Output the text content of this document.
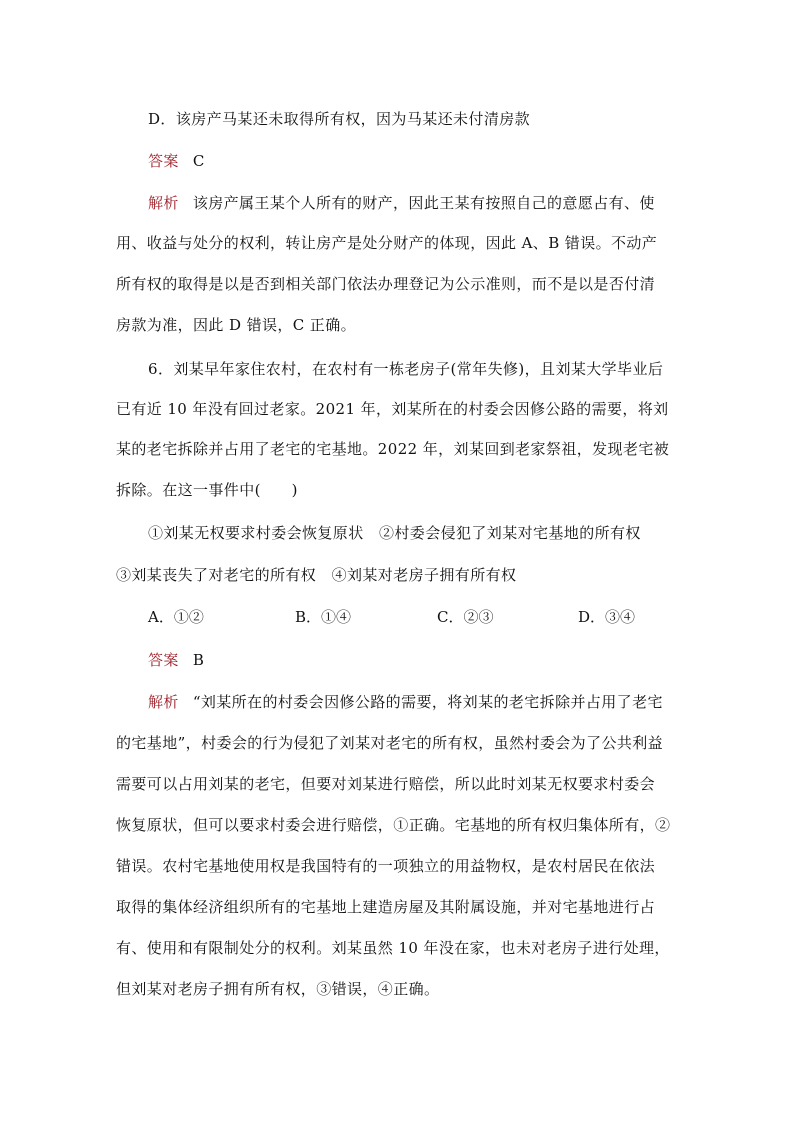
D．该房产马某还未取得所有权，因为马某还未付清房款
答案 C
解析 该房产属王某个人所有的财产，因此王某有按照自己的意愿占有、使
用、收益与处分的权利，转让房产是处分财产的体现，因此 A、B 错误。不动产
所有权的取得是以是否到相关部门依法办理登记为公示准则，而不是以是否付清
房款为准，因此 D 错误，C 正确。
6．刘某早年家住农村，在农村有一栋老房子(常年失修)，且刘某大学毕业后
已有近 10 年没有回过老家。2021 年，刘某所在的村委会因修公路的需要，将刘
某的老宅拆除并占用了老宅的宅基地。2022 年，刘某回到老家祭祖，发现老宅被
拆除。在这一事件中(　　)
①刘某无权要求村委会恢复原状　②村委会侵犯了刘某对宅基地的所有权
③刘某丧失了对老宅的所有权　④刘某对老房子拥有所有权
A．①②	B．①④	C．②③	D．③④
答案 B
解析 “刘某所在的村委会因修公路的需要，将刘某的老宅拆除并占用了老宅
的宅基地”，村委会的行为侵犯了刘某对老宅的所有权，虽然村委会为了公共利益
需要可以占用刘某的老宅，但要对刘某进行赔偿，所以此时刘某无权要求村委会
恢复原状，但可以要求村委会进行赔偿，①正确。宅基地的所有权归集体所有，②
错误。农村宅基地使用权是我国特有的一项独立的用益物权，是农村居民在依法
取得的集体经济组织所有的宅基地上建造房屋及其附属设施，并对宅基地进行占
有、使用和有限制处分的权利。刘某虽然 10 年没在家，也未对老房子进行处理，
但刘某对老房子拥有所有权，③错误，④正确。
